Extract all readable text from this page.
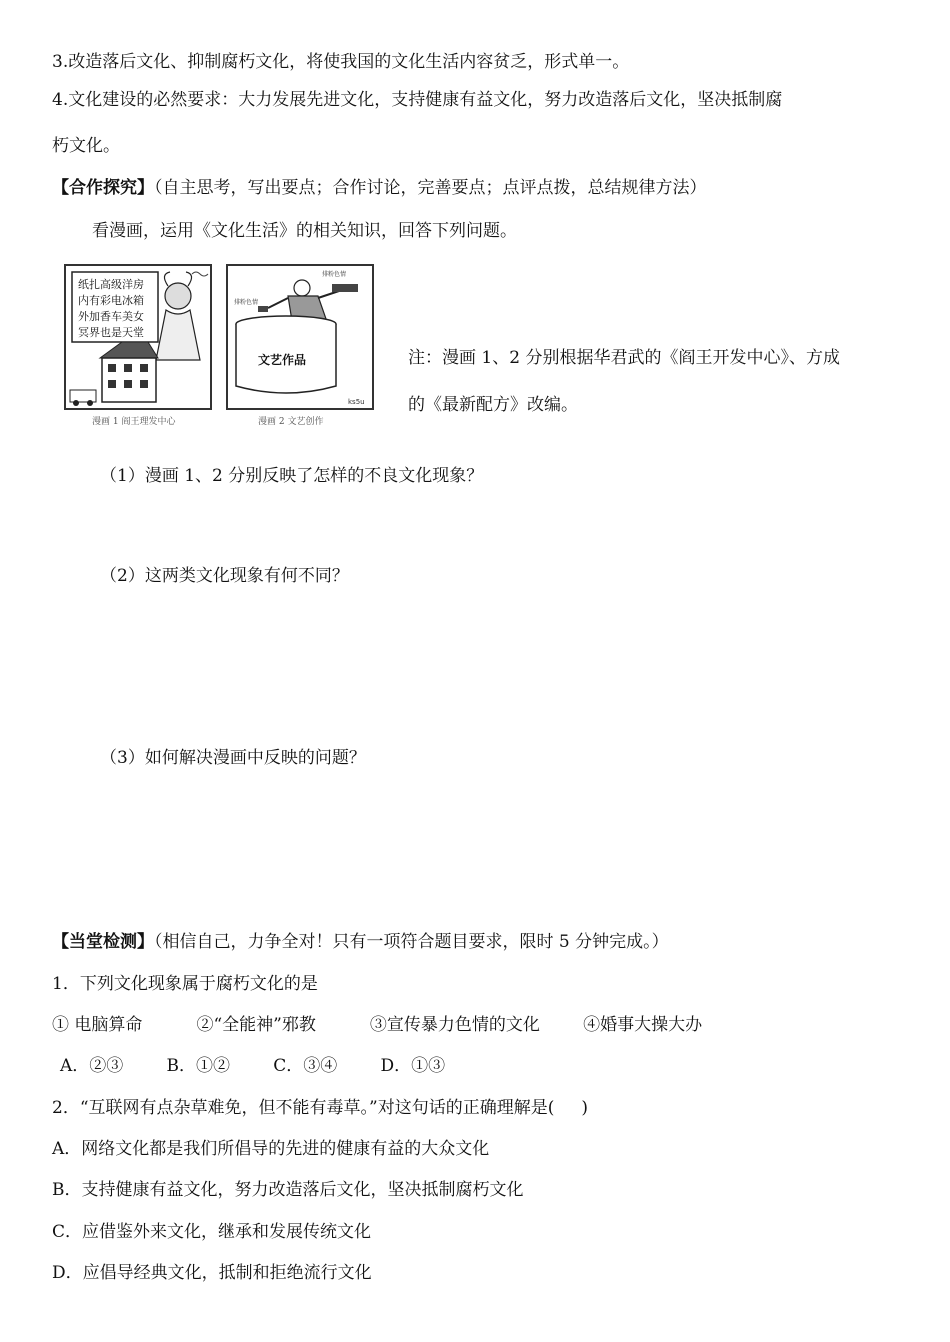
3.改造落后文化、抑制腐朽文化，将使我国的文化生活内容贫乏，形式单一。
4.文化建设的必然要求：大力发展先进文化，支持健康有益文化，努力改造落后文化，坚决抵制腐
朽文化。
【合作探究】（自主思考，写出要点；合作讨论，完善要点；点评点拨，总结规律方法）
看漫画，运用《文化生活》的相关知识，回答下列问题。
纸扎高级洋房
内有彩电冰箱
外加香车美女
冥界也是天堂
漫画 1 阎王理发中心
排粉色情
排粉色情
文艺作品
ks5u
漫画 2 文艺创作
注：漫画 1、2 分别根据华君武的《阎王开发中心》、方成
的《最新配方》改编。
（1）漫画 1、2 分别反映了怎样的不良文化现象？
（2）这两类文化现象有何不同？
（3）如何解决漫画中反映的问题？
【当堂检测】（相信自己，力争全对！只有一项符合题目要求，限时 5 分钟完成。）
1．下列文化现象属于腐朽文化的是
① 电脑算命          ②“全能神”邪教          ③宣传暴力色情的文化        ④婚事大操大办
A．②③        B．①②        C．③④        D．①③
2．“互联网有点杂草难免，但不能有毒草。”对这句话的正确理解是(     )
A．网络文化都是我们所倡导的先进的健康有益的大众文化
B．支持健康有益文化，努力改造落后文化，坚决抵制腐朽文化
C．应借鉴外来文化，继承和发展传统文化
D．应倡导经典文化，抵制和拒绝流行文化
